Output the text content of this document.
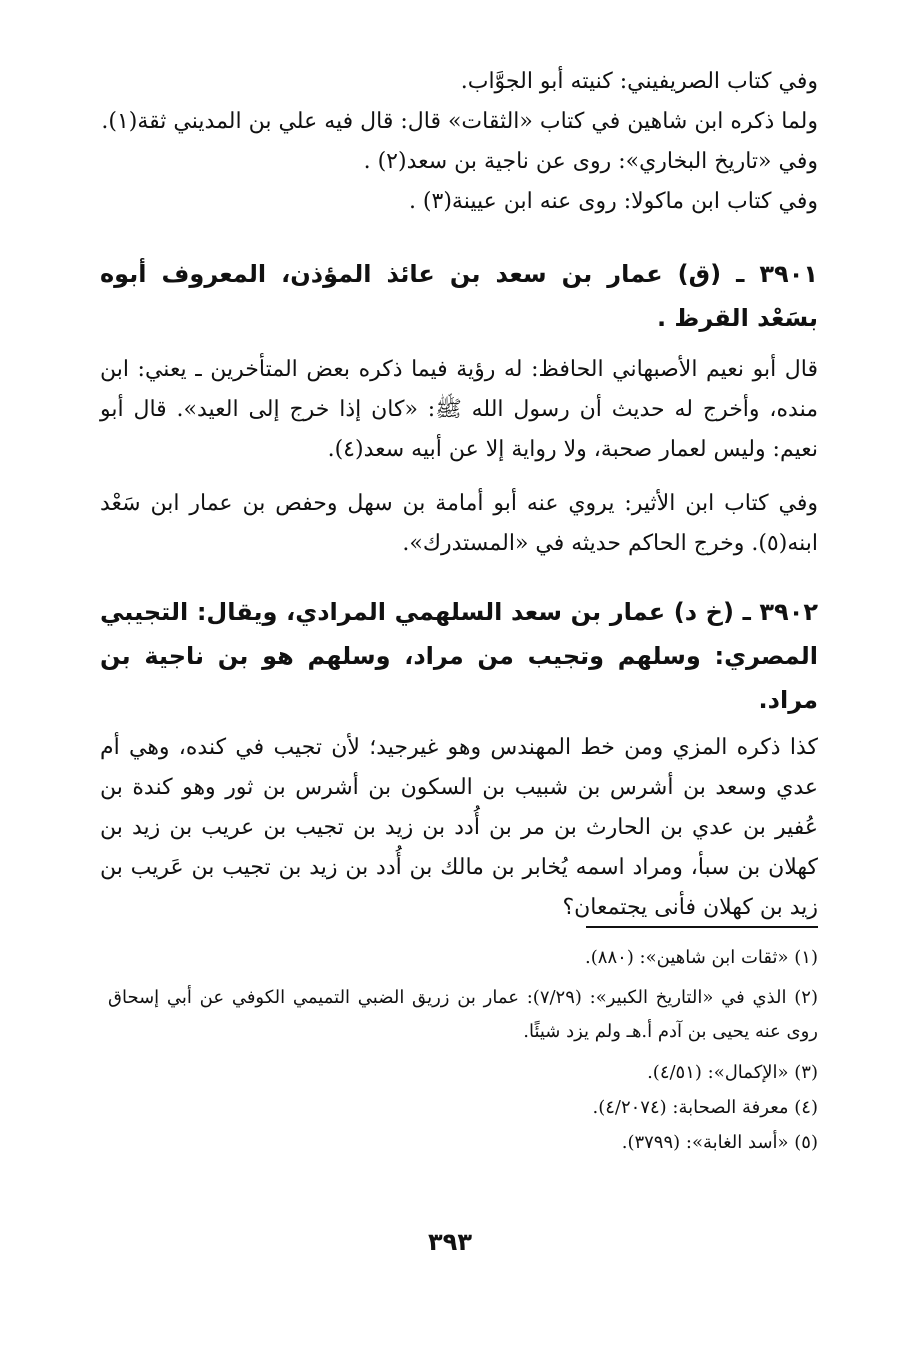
وفي كتاب الصريفيني: كنيته أبو الجوَّاب.
ولما ذكره ابن شاهين في كتاب «الثقات» قال: قال فيه علي بن المديني ثقة(١).
وفي «تاريخ البخاري»: روى عن ناجية بن سعد(٢) .
وفي كتاب ابن ماكولا: روى عنه ابن عيينة(٣) .

٣٩٠١ ـ (ق) عمار بن سعد بن عائذ المؤذن، المعروف أبوه بسَعْد القرظ .

قال أبو نعيم الأصبهاني الحافظ: له رؤية فيما ذكره بعض المتأخرين ـ يعني: ابن منده، وأخرج له حديث أن رسول الله ﷺ: «كان إذا خرج إلى العيد». قال أبو نعيم: وليس لعمار صحبة، ولا رواية إلا عن أبيه سعد(٤).

وفي كتاب ابن الأثير: يروي عنه أبو أمامة بن سهل وحفص بن عمار ابن سَعْد ابنه(٥). وخرج الحاكم حديثه في «المستدرك».

٣٩٠٢ ـ (خ د) عمار بن سعد السلهمي المرادي، ويقال: التجيبي المصري: وسلهم وتجيب من مراد، وسلهم هو بن ناجية بن مراد.

كذا ذكره المزي ومن خط المهندس وهو غيرجيد؛ لأن تجيب في كنده، وهي أم عدي وسعد بن أشرس بن شبيب بن السكون بن أشرس بن ثور وهو كندة بن عُفير بن عدي بن الحارث بن مر بن أُدد بن زيد بن تجيب بن عريب بن زيد بن كهلان بن سبأ، ومراد اسمه يُخابر بن مالك بن أُدد بن زيد بن تجيب بن عَريب بن زيد بن كهلان فأنى يجتمعان؟

(١) «ثقات ابن شاهين»: (٨٨٠).
(٢) الذي في «التاريخ الكبير»: (٧/٢٩): عمار بن زريق الضبي التميمي الكوفي عن أبي إسحاق روى عنه يحيى بن آدم أ.هـ ولم يزد شيئًا.
(٣) «الإكمال»: (٤/٥١).
(٤) معرفة الصحابة: (٤/٢٠٧٤).
(٥) «أسد الغابة»: (٣٧٩٩).
٣٩٣
